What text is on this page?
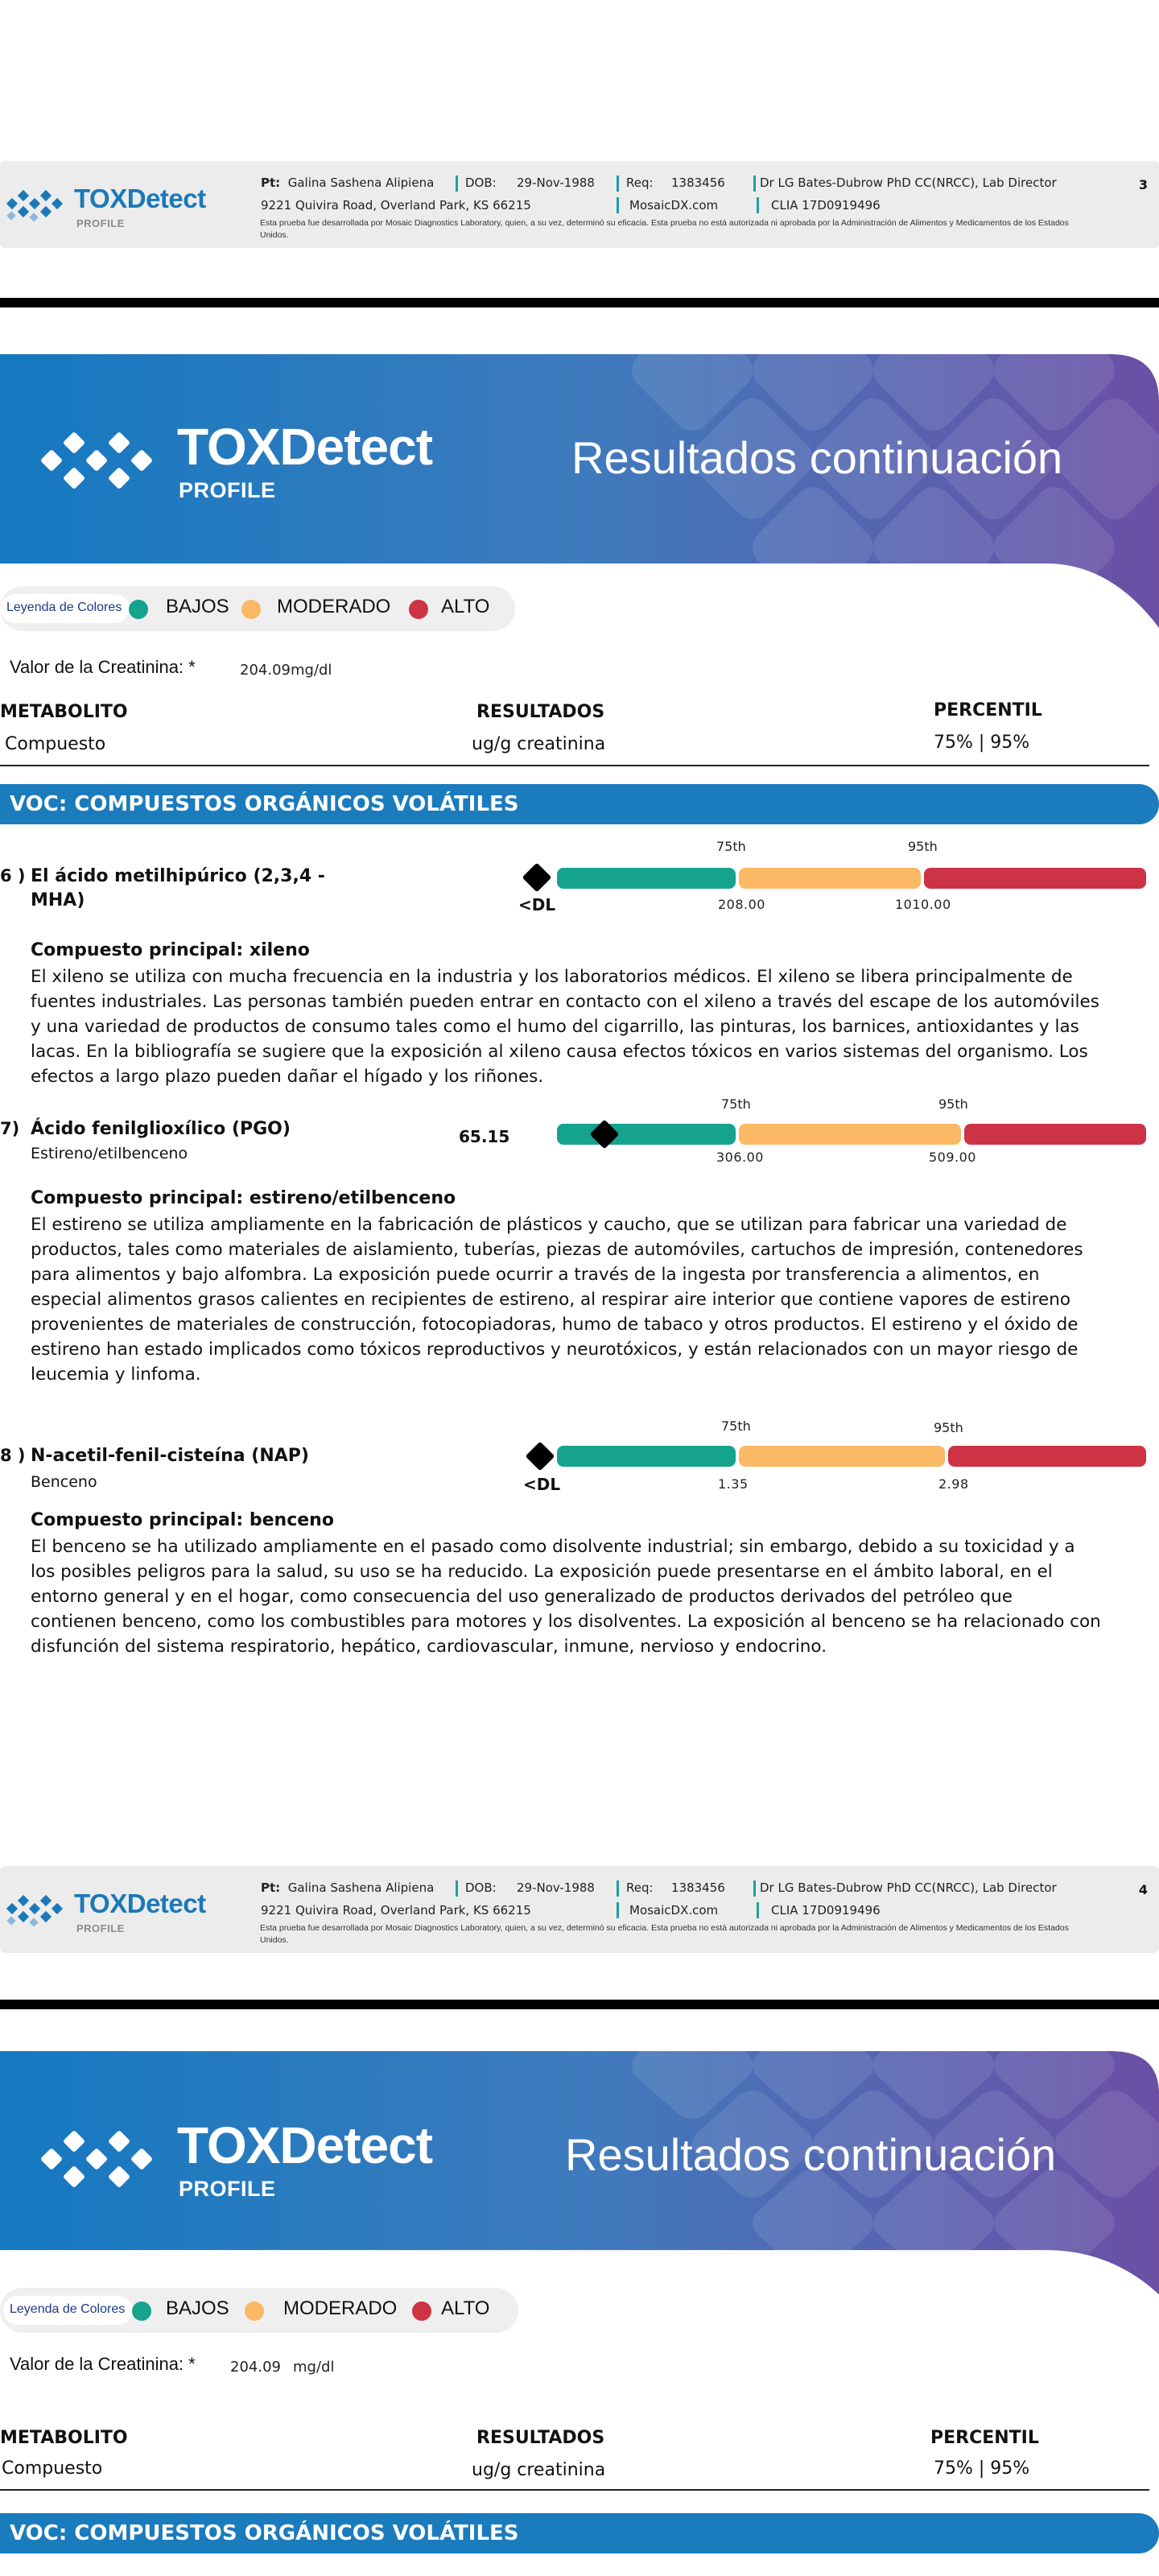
TOXDetect
PROFILE
Pt: Galina Sashena Alipiena	DOB: 29-Nov-1988	Req: 1383456	Dr LG Bates-Dubrow PhD CC(NRCC), Lab Director
9221 Quivira Road, Overland Park, KS 66215	MosaicDX.com	CLIA 17D0919496
Esta prueba fue desarrollada por Mosaic Diagnostics Laboratory, quien, a su vez, determinó su eficacia. Esta prueba no está autorizada ni aprobada por la Administración de Alimentos y Medicamentos de los Estados Unidos.
3
TOXDetect
PROFILE
Resultados continuación
Leyenda de Colores	BAJOS MODERADO	ALTO
Valor de la Creatinina: *	204.09mg/dl
METABOLITO	RESULTADOS	PERCENTIL
Compuesto	ug/g creatinina	75% | 95%
VOC: COMPUESTOS ORGÁNICOS VOLÁTILES
6 ) El ácido metilhipúrico (2,3,4 -MHA)	<DL
75th	95th
208.00	1010.00
Compuesto principal: xileno
El xileno se utiliza con mucha frecuencia en la industria y los laboratorios médicos. El xileno se libera principalmente de fuentes industriales. Las personas también pueden entrar en contacto con el xileno a través del escape de los automóviles y una variedad de productos de consumo tales como el humo del cigarrillo, las pinturas, los barnices, antioxidantes y las lacas. En la bibliografía se sugiere que la exposición al xileno causa efectos tóxicos en varios sistemas del organismo. Los efectos a largo plazo pueden dañar el hígado y los riñones.
7) Ácido fenilglioxílico (PGO)
Estireno/etilbenceno
65.15
75th	95th
306.00	509.00
Compuesto principal: estireno/etilbenceno
El estireno se utiliza ampliamente en la fabricación de plásticos y caucho, que se utilizan para fabricar una variedad de productos, tales como materiales de aislamiento, tuberías, piezas de automóviles, cartuchos de impresión, contenedores para alimentos y bajo alfombra. La exposición puede ocurrir a través de la ingesta por transferencia a alimentos, en especial alimentos grasos calientes en recipientes de estireno, al respirar aire interior que contiene vapores de estireno provenientes de materiales de construcción, fotocopiadoras, humo de tabaco y otros productos. El estireno y el óxido de estireno han estado implicados como tóxicos reproductivos y neurotóxicos, y están relacionados con un mayor riesgo de leucemia y linfoma.
8 ) N-acetil-fenil-cisteína (NAP)
Benceno	<DL
75th	95th
1.35	2.98
Compuesto principal: benceno
El benceno se ha utilizado ampliamente en el pasado como disolvente industrial; sin embargo, debido a su toxicidad y a los posibles peligros para la salud, su uso se ha reducido. La exposición puede presentarse en el ámbito laboral, en el entorno general y en el hogar, como consecuencia del uso generalizado de productos derivados del petróleo que contienen benceno, como los combustibles para motores y los disolventes. La exposición al benceno se ha relacionado con disfunción del sistema respiratorio, hepático, cardiovascular, inmune, nervioso y endocrino.
TOXDetect
PROFILE
Pt: Galina Sashena Alipiena	DOB: 29-Nov-1988	Req: 1383456	Dr LG Bates-Dubrow PhD CC(NRCC), Lab Director
9221 Quivira Road, Overland Park, KS 66215	MosaicDX.com	CLIA 17D0919496
Esta prueba fue desarrollada por Mosaic Diagnostics Laboratory, quien, a su vez, determinó su eficacia. Esta prueba no está autorizada ni aprobada por la Administración de Alimentos y Medicamentos de los Estados Unidos.
4
TOXDetect
PROFILE
Resultados continuación
Leyenda de Colores	BAJOS	MODERADO ALTO
Valor de la Creatinina: * 204.09 mg/dl
METABOLITO	RESULTADOS	PERCENTIL
Compuesto	ug/g creatinina	75% | 95%
VOC: COMPUESTOS ORGÁNICOS VOLÁTILES
